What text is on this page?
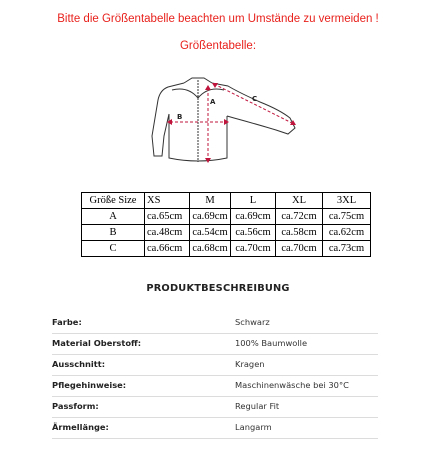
Bitte die Größentabelle beachten um Umstände zu vermeiden !
Größentabelle:
A
B
C
Größe Size	XS	M	L	XL	3XL
A	ca.65cm	ca.69cm	ca.69cm	ca.72cm	ca.75cm
B	ca.48cm	ca.54cm	ca.56cm	ca.58cm	ca.62cm
C	ca.66cm	ca.68cm	ca.70cm	ca.70cm	ca.73cm
PRODUKTBESCHREIBUNG
Farbe:	Schwarz
Material Oberstoff:	100% Baumwolle
Ausschnitt:	Kragen
Pflegehinweise:	Maschinenwäsche bei 30°C
Passform:	Regular Fit
Ärmellänge:	Langarm
